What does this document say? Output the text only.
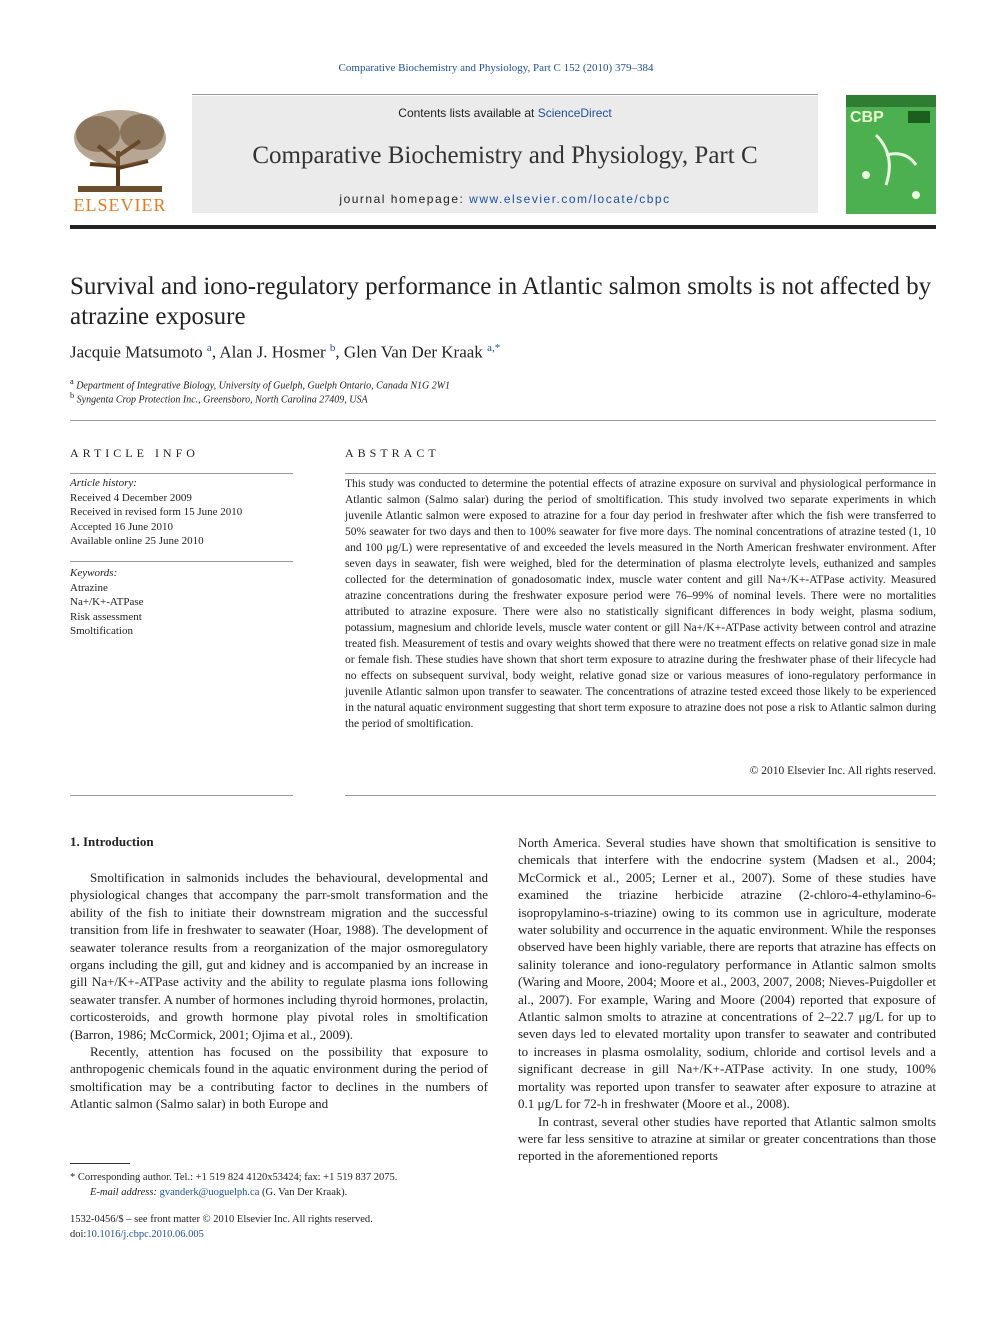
Comparative Biochemistry and Physiology, Part C 152 (2010) 379–384
ELSEVIER
Contents lists available at ScienceDirect
Comparative Biochemistry and Physiology, Part C
journal homepage: www.elsevier.com/locate/cbpc
CBP
Survival and iono-regulatory performance in Atlantic salmon smolts is not affected by atrazine exposure
Jacquie Matsumoto $^a$, Alan J. Hosmer $^b$, Glen Van Der Kraak $^{a,*}$
$^a$ Department of Integrative Biology, University of Guelph, Guelph Ontario, Canada N1G 2W1
$^b$ Syngenta Crop Protection Inc., Greensboro, North Carolina 27409, USA
ARTICLE INFO
Article history:
Received 4 December 2009
Received in revised form 15 June 2010
Accepted 16 June 2010
Available online 25 June 2010
Keywords:
Atrazine
Na+/K+-ATPase
Risk assessment
Smoltification
ABSTRACT
This study was conducted to determine the potential effects of atrazine exposure on survival and physiological performance in Atlantic salmon (Salmo salar) during the period of smoltification. This study involved two separate experiments in which juvenile Atlantic salmon were exposed to atrazine for a four day period in freshwater after which the fish were transferred to 50% seawater for two days and then to 100% seawater for five more days. The nominal concentrations of atrazine tested (1, 10 and 100 μg/L) were representative of and exceeded the levels measured in the North American freshwater environment. After seven days in seawater, fish were weighed, bled for the determination of plasma electrolyte levels, euthanized and samples collected for the determination of gonadosomatic index, muscle water content and gill Na+/K+-ATPase activity. Measured atrazine concentrations during the freshwater exposure period were 76–99% of nominal levels. There were no mortalities attributed to atrazine exposure. There were also no statistically significant differences in body weight, plasma sodium, potassium, magnesium and chloride levels, muscle water content or gill Na+/K+-ATPase activity between control and atrazine treated fish. Measurement of testis and ovary weights showed that there were no treatment effects on relative gonad size in male or female fish. These studies have shown that short term exposure to atrazine during the freshwater phase of their lifecycle had no effects on subsequent survival, body weight, relative gonad size or various measures of iono-regulatory performance in juvenile Atlantic salmon upon transfer to seawater. The concentrations of atrazine tested exceed those likely to be experienced in the natural aquatic environment suggesting that short term exposure to atrazine does not pose a risk to Atlantic salmon during the period of smoltification.
© 2010 Elsevier Inc. All rights reserved.
1. Introduction

Smoltification in salmonids includes the behavioural, developmental and physiological changes that accompany the parr-smolt transformation and the ability of the fish to initiate their downstream migration and the successful transition from life in freshwater to seawater (Hoar, 1988). The development of seawater tolerance results from a reorganization of the major osmoregulatory organs including the gill, gut and kidney and is accompanied by an increase in gill Na+/K+-ATPase activity and the ability to regulate plasma ions following seawater transfer. A number of hormones including thyroid hormones, prolactin, corticosteroids, and growth hormone play pivotal roles in smoltification (Barron, 1986; McCormick, 2001; Ojima et al., 2009).

Recently, attention has focused on the possibility that exposure to anthropogenic chemicals found in the aquatic environment during the period of smoltification may be a contributing factor to declines in the numbers of Atlantic salmon (Salmo salar) in both Europe and

North America. Several studies have shown that smoltification is sensitive to chemicals that interfere with the endocrine system (Madsen et al., 2004; McCormick et al., 2005; Lerner et al., 2007). Some of these studies have examined the triazine herbicide atrazine (2-chloro-4-ethylamino-6-isopropylamino-s-triazine) owing to its common use in agriculture, moderate water solubility and occurrence in the aquatic environment. While the responses observed have been highly variable, there are reports that atrazine has effects on salinity tolerance and iono-regulatory performance in Atlantic salmon smolts (Waring and Moore, 2004; Moore et al., 2003, 2007, 2008; Nieves-Puigdoller et al., 2007). For example, Waring and Moore (2004) reported that exposure of Atlantic salmon smolts to atrazine at concentrations of 2–22.7 μg/L for up to seven days led to elevated mortality upon transfer to seawater and contributed to increases in plasma osmolality, sodium, chloride and cortisol levels and a significant decrease in gill Na+/K+-ATPase activity. In one study, 100% mortality was reported upon transfer to seawater after exposure to atrazine at 0.1 μg/L for 72-h in freshwater (Moore et al., 2008).

In contrast, several other studies have reported that Atlantic salmon smolts were far less sensitive to atrazine at similar or greater concentrations than those reported in the aforementioned reports

* Corresponding author. Tel.: +1 519 824 4120x53424; fax: +1 519 837 2075.
E-mail address: gvanderk@uoguelph.ca (G. Van Der Kraak).
1532-0456/$ – see front matter © 2010 Elsevier Inc. All rights reserved.
doi:10.1016/j.cbpc.2010.06.005
